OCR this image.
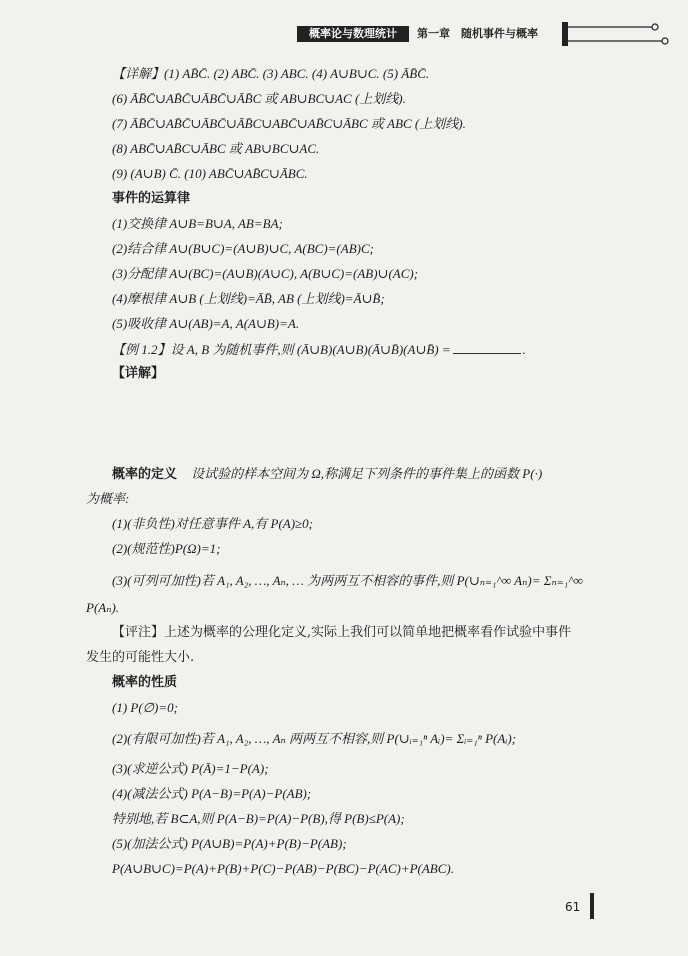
概率论与数理统计	第一章　随机事件与概率
【详解】(1) AB̄C̄. (2) ABC̄. (3) ABC. (4) A∪B∪C. (5) ĀB̄C̄.
(6) ĀB̄C̄∪AB̄C̄∪ĀBC̄∪ĀB̄C 或 AB∪BC∪AC (上划线).
(7) ĀB̄C̄∪AB̄C̄∪ĀBC̄∪ĀB̄C∪ABC̄∪AB̄C∪ĀBC 或 ABC (上划线).
(8) ABC̄∪AB̄C∪ĀBC 或 AB∪BC∪AC.
(9) (A∪B) C̄. (10) ABC̄∪AB̄C∪ĀBC.
事件的运算律
(1)交换律 A∪B=B∪A, AB=BA;
(2)结合律 A∪(B∪C)=(A∪B)∪C, A(BC)=(AB)C;
(3)分配律 A∪(BC)=(A∪B)(A∪C), A(B∪C)=(AB)∪(AC);
(4)摩根律 A∪B (上划线)=ĀB̄, AB (上划线)=Ā∪B̄;
(5)吸收律 A∪(AB)=A, A(A∪B)=A.
【例 1.2】设 A, B 为随机事件,则 (Ā∪B)(A∪B)(Ā∪B̄)(A∪B̄) =	.
【详解】
概率的定义 设试验的样本空间为 Ω,称满足下列条件的事件集上的函数 P(·)
为概率:
(1)(非负性)对任意事件 A,有 P(A)≥0;
(2)(规范性)P(Ω)=1;
(3)(可列可加性)若 A₁, A₂, …, Aₙ, … 为两两互不相容的事件,则 P(∪ₙ₌₁^∞ Aₙ)= Σₙ₌₁^∞
P(Aₙ).
【评注】上述为概率的公理化定义,实际上我们可以简单地把概率看作试验中事件
发生的可能性大小.
概率的性质
(1) P(∅)=0;
(2)(有限可加性)若 A₁, A₂, …, Aₙ 两两互不相容,则 P(∪ᵢ₌₁ⁿ Aᵢ)= Σᵢ₌₁ⁿ P(Aᵢ);
(3)(求逆公式) P(Ā)=1−P(A);
(4)(减法公式) P(A−B)=P(A)−P(AB);
特别地,若 B⊂A,则 P(A−B)=P(A)−P(B),得 P(B)≤P(A);
(5)(加法公式) P(A∪B)=P(A)+P(B)−P(AB);
P(A∪B∪C)=P(A)+P(B)+P(C)−P(AB)−P(BC)−P(AC)+P(ABC).
61
